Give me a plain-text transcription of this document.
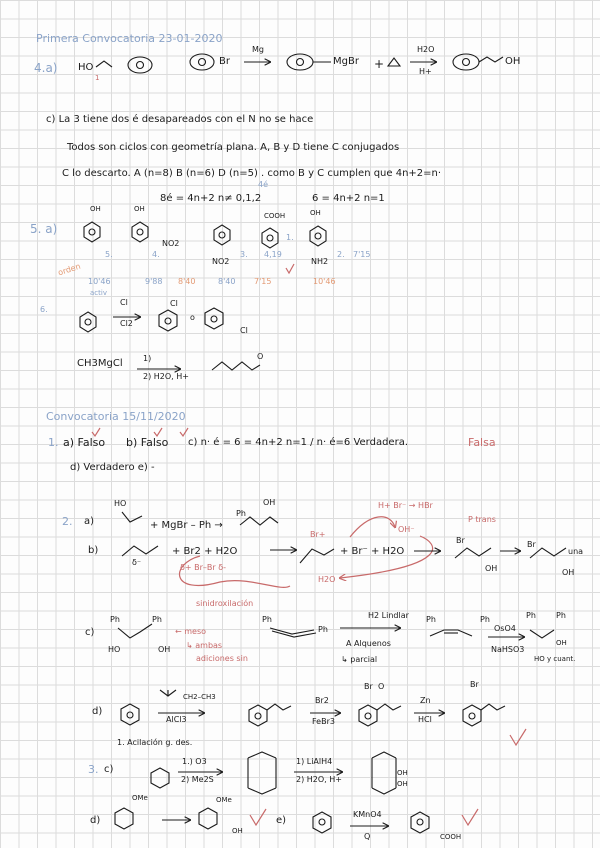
Primera Convocatoria 23-01-2020
4.a) HO
1
Br
Mg
MgBr +
H2O
H+
OH
c) La 3 tiene dos é desapareados con el N no se hace
Todos son ciclos con geometría plana. A, B y D tiene C conjugados
C lo descarto. A (n=8) B (n=6) D (n=5) . como B y C cumplen que 4n+2=n·
4é
8é = 4n+2 n≠ 0,1,2	6 = 4n+2 n=1
5. a)
OH	OH
NO2
COOH	OH
NO2	NH2
5.	4.	3.
1.
2.
4,19	7'15
orden
10'46	9'88 8'40	8'40 7'15	10'46
activ
6.
Cl
Cl2
Cl
o
Cl
CH3MgCl	1)
2) H2O, H+
O
Convocatoria 15/11/2020
1. a) Falso b) Falso c) n· é = 6 = 4n+2 n=1 / n· é=6 Verdadera.	Falsa
d) Verdadero e) -
2. a)
HO
+ MgBr – Ph →
Ph
OH
b)
δ⁻
+ Br2 + H2O
δ+ Br–Br δ-
Br+
H+ Br⁻ → HBr
OH⁻
H2O
+ Br⁻ + H2O
P trans
Br
OH
Br
una
OH
sinidroxilación
c)
Ph	Ph
← meso
↳ ambas
adiciones sin
HO	OH
Ph
Ph
H2 Lindlar
A Alquenos
↳ parcial
Ph	Ph
OsO4
NaHSO3
HO y cuant.
Ph	Ph
OH
d)
CH2–CH3
AlCl3
Br2
FeBr3
Br O
Zn
HCl
Br
1. Acilación g. des.
3. c)
1.) O3
2) Me2S
1) LiAlH4
2) H2O, H+
OH
OH
d)
OMe	OMe
OH
e)
KMnO4
Q	COOH
